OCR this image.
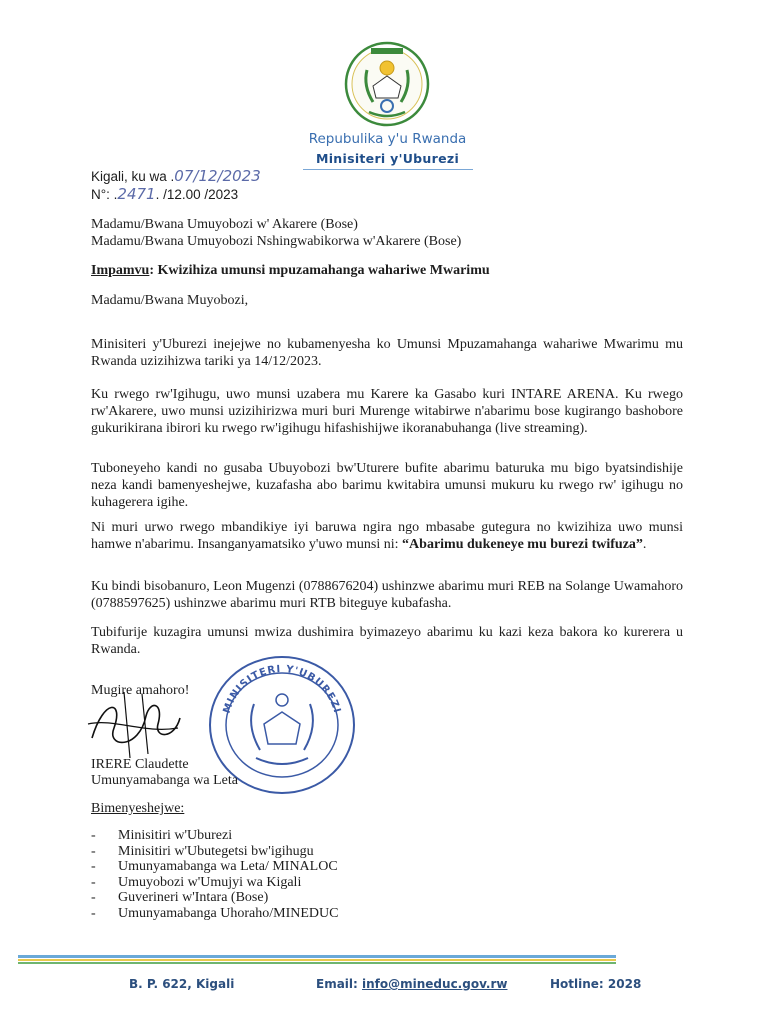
Repubulika y'u Rwanda
Minisiteri y'Uburezi
Kigali, ku wa .07/12/2023
N°: .2471. /12.00 /2023
Madamu/Bwana Umuyobozi w' Akarere (Bose)
Madamu/Bwana Umuyobozi Nshingwabikorwa w'Akarere (Bose)
Impamvu: Kwizihiza umunsi mpuzamahanga wahariwe Mwarimu
Madamu/Bwana Muyobozi,
Minisiteri y'Uburezi inejejwe no kubamenyesha ko Umunsi Mpuzamahanga wahariwe Mwarimu mu Rwanda uzizihizwa tariki ya 14/12/2023.
Ku rwego rw'Igihugu, uwo munsi uzabera mu Karere ka Gasabo kuri INTARE ARENA. Ku rwego rw'Akarere, uwo munsi uzizihirizwa muri buri Murenge witabirwe n'abarimu bose kugirango bashobore gukurikirana ibirori ku rwego rw'igihugu hifashishijwe ikoranabuhanga (live streaming).
Tuboneyeho kandi no gusaba Ubuyobozi bw'Uturere bufite abarimu baturuka mu bigo byatsindishije neza kandi bamenyeshejwe, kuzafasha abo barimu kwitabira umunsi mukuru ku rwego rw' igihugu no kuhagerera igihe.
Ni muri urwo rwego mbandikiye iyi baruwa ngira ngo mbasabe gutegura no kwizihiza uwo munsi hamwe n'abarimu. Insanganyamatsiko y'uwo munsi ni: “Abarimu dukeneye mu burezi twifuza”.
Ku bindi bisobanuro, Leon Mugenzi (0788676204) ushinzwe abarimu muri REB na Solange Uwamahoro (0788597625) ushinzwe abarimu muri RTB biteguye kubafasha.
Tubifurije kuzagira umunsi mwiza dushimira byimazeyo abarimu ku kazi keza bakora ko kurerera u Rwanda.
Mugire amahoro!
MINISITERI Y'UBUREZI
IRERE Claudette
Umunyamabanga wa Leta
Bimenyeshejwe:
- Minisitiri w'Uburezi
- Minisitiri w'Ubutegetsi bw'igihugu
- Umunyamabanga wa Leta/ MINALOC
- Umuyobozi w'Umujyi wa Kigali
- Guverineri w'Intara (Bose)
- Umunyamabanga Uhoraho/MINEDUC
B. P. 622, Kigali	Email: info@mineduc.gov.rw	Hotline: 2028
